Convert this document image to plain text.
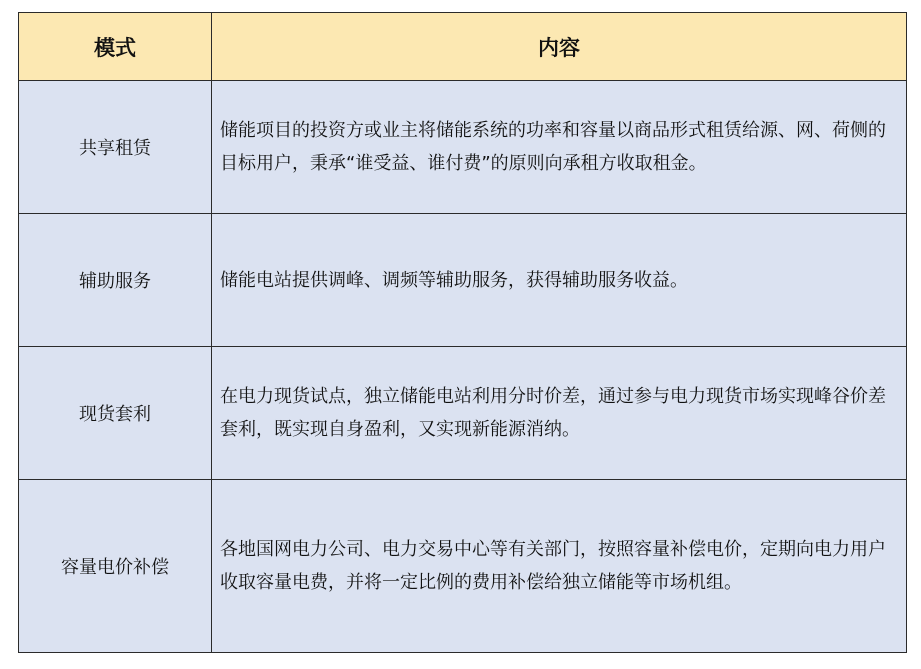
模式	内容
共享租赁	储能项目的投资方或业主将储能系统的功率和容量以商品形式租赁给源、网、荷侧的目标用户，秉承“谁受益、谁付费”的原则向承租方收取租金。
辅助服务	储能电站提供调峰、调频等辅助服务，获得辅助服务收益。
现货套利	在电力现货试点，独立储能电站利用分时价差，通过参与电力现货市场实现峰谷价差套利，既实现自身盈利，又实现新能源消纳。
容量电价补偿	各地国网电力公司、电力交易中心等有关部门，按照容量补偿电价，定期向电力用户收取容量电费，并将一定比例的费用补偿给独立储能等市场机组。
